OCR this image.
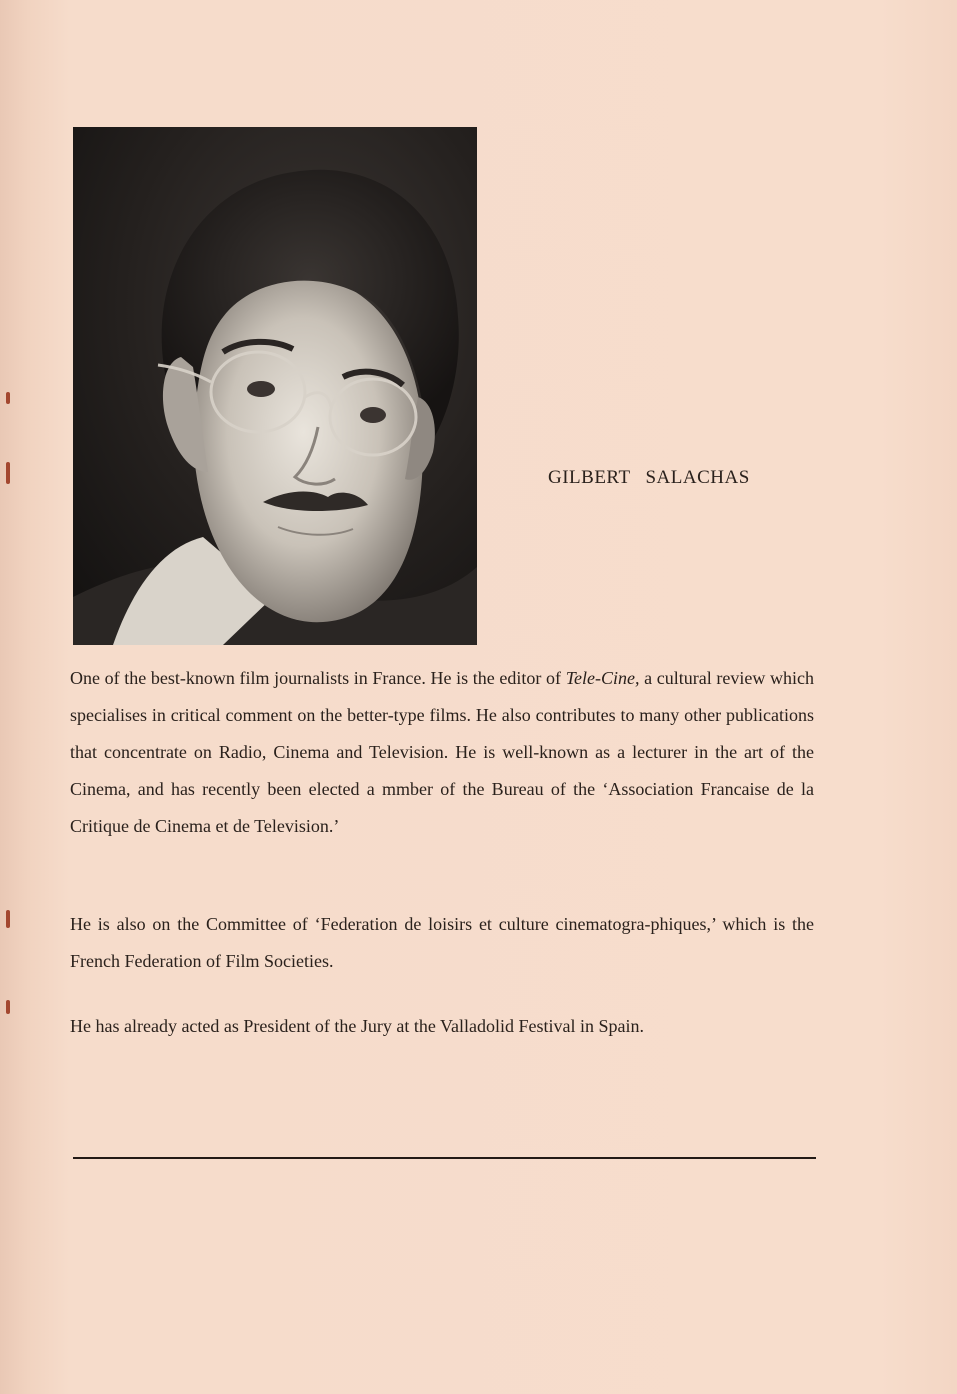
GILBERT SALACHAS

One of the best-known film journalists in France. He is the editor of Tele-Cine, a cultural review which specialises in critical comment on the better-type films. He also contributes to many other publications that concentrate on Radio, Cinema and Television. He is well-known as a lecturer in the art of the Cinema, and has recently been elected a mmber of the Bureau of the ‘Association Francaise de la Critique de Cinema et de Television.’

He is also on the Committee of ‘Federation de loisirs et culture cinematogra-phiques,’ which is the French Federation of Film Societies.

He has already acted as President of the Jury at the Valladolid Festival in Spain.
